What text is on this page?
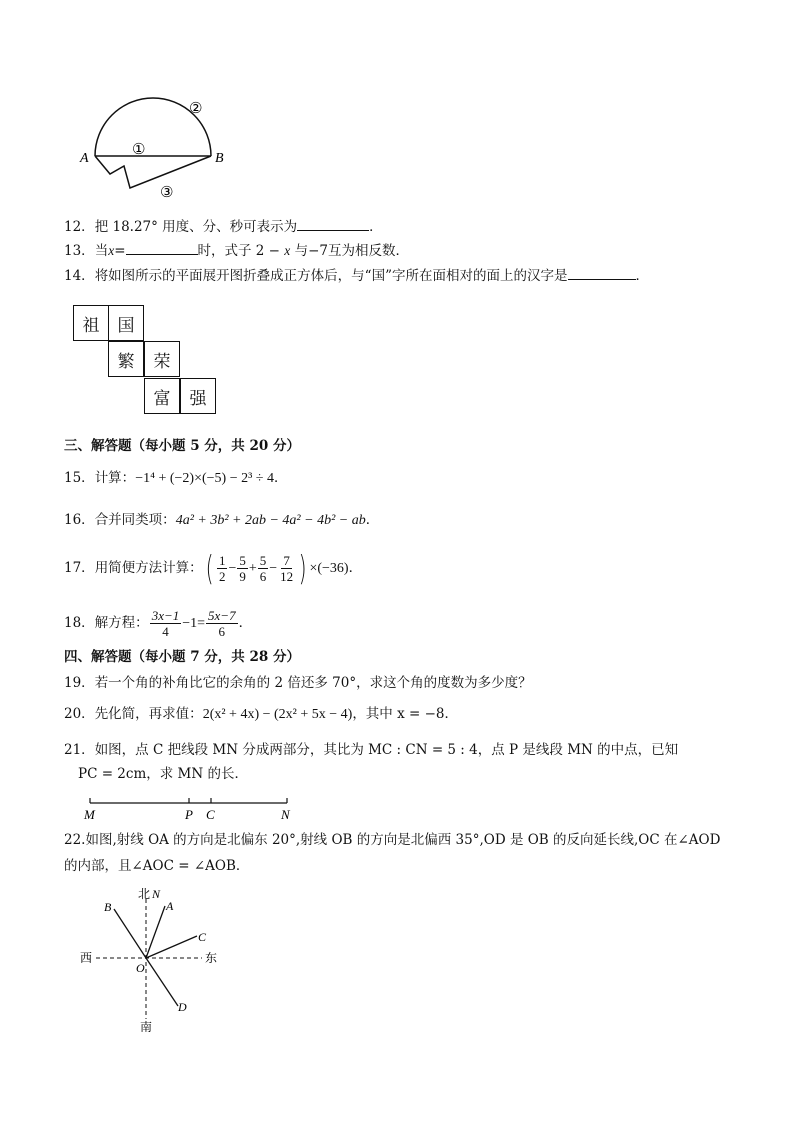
A	B
①
②
③
12．把 18.27° 用度、分、秒可表示为	．
13．当x=	时，式子 2 − x 与−7互为相反数．
14．将如图所示的平面展开图折叠成正方体后，与“国”字所在面相对的面上的汉字是	．
祖	国
繁	荣
富	强
三、解答题（每小题 5 分，共 20 分）
15．计算：−1⁴ + (−2)×(−5) − 2³ ÷ 4．
16．合并同类项：4a² + 3b² + 2ab − 4a² − 4b² − ab．
17．用简便方法计算：( $\frac{1}{2} - \frac{5}{9} + \frac{5}{6} - \frac{7}{12}$ ) ×(−36)．
18．解方程： $\frac{3x-1}{4} -1= \frac{5x-7}{6}$ ．
四、解答题（每小题 7 分，共 28 分）
19．若一个角的补角比它的余角的 2 倍还多 70°，求这个角的度数为多少度？
20．先化简，再求值：2(x² + 4x) − (2x² + 5x − 4)，其中 x = −8．
21．如图，点 C 把线段 MN 分成两部分，其比为 MC : CN = 5 : 4，点 P 是线段 MN 的中点，已知
PC = 2cm，求 MN 的长．
M	P C	N
22.如图,射线 OA 的方向是北偏东 20°,射线 OB 的方向是北偏西 35°,OD 是 OB 的反向延长线,OC 在∠AOD
的内部，且∠AOC = ∠AOB．
北 N
A
B
C
D
O
西	东
南
